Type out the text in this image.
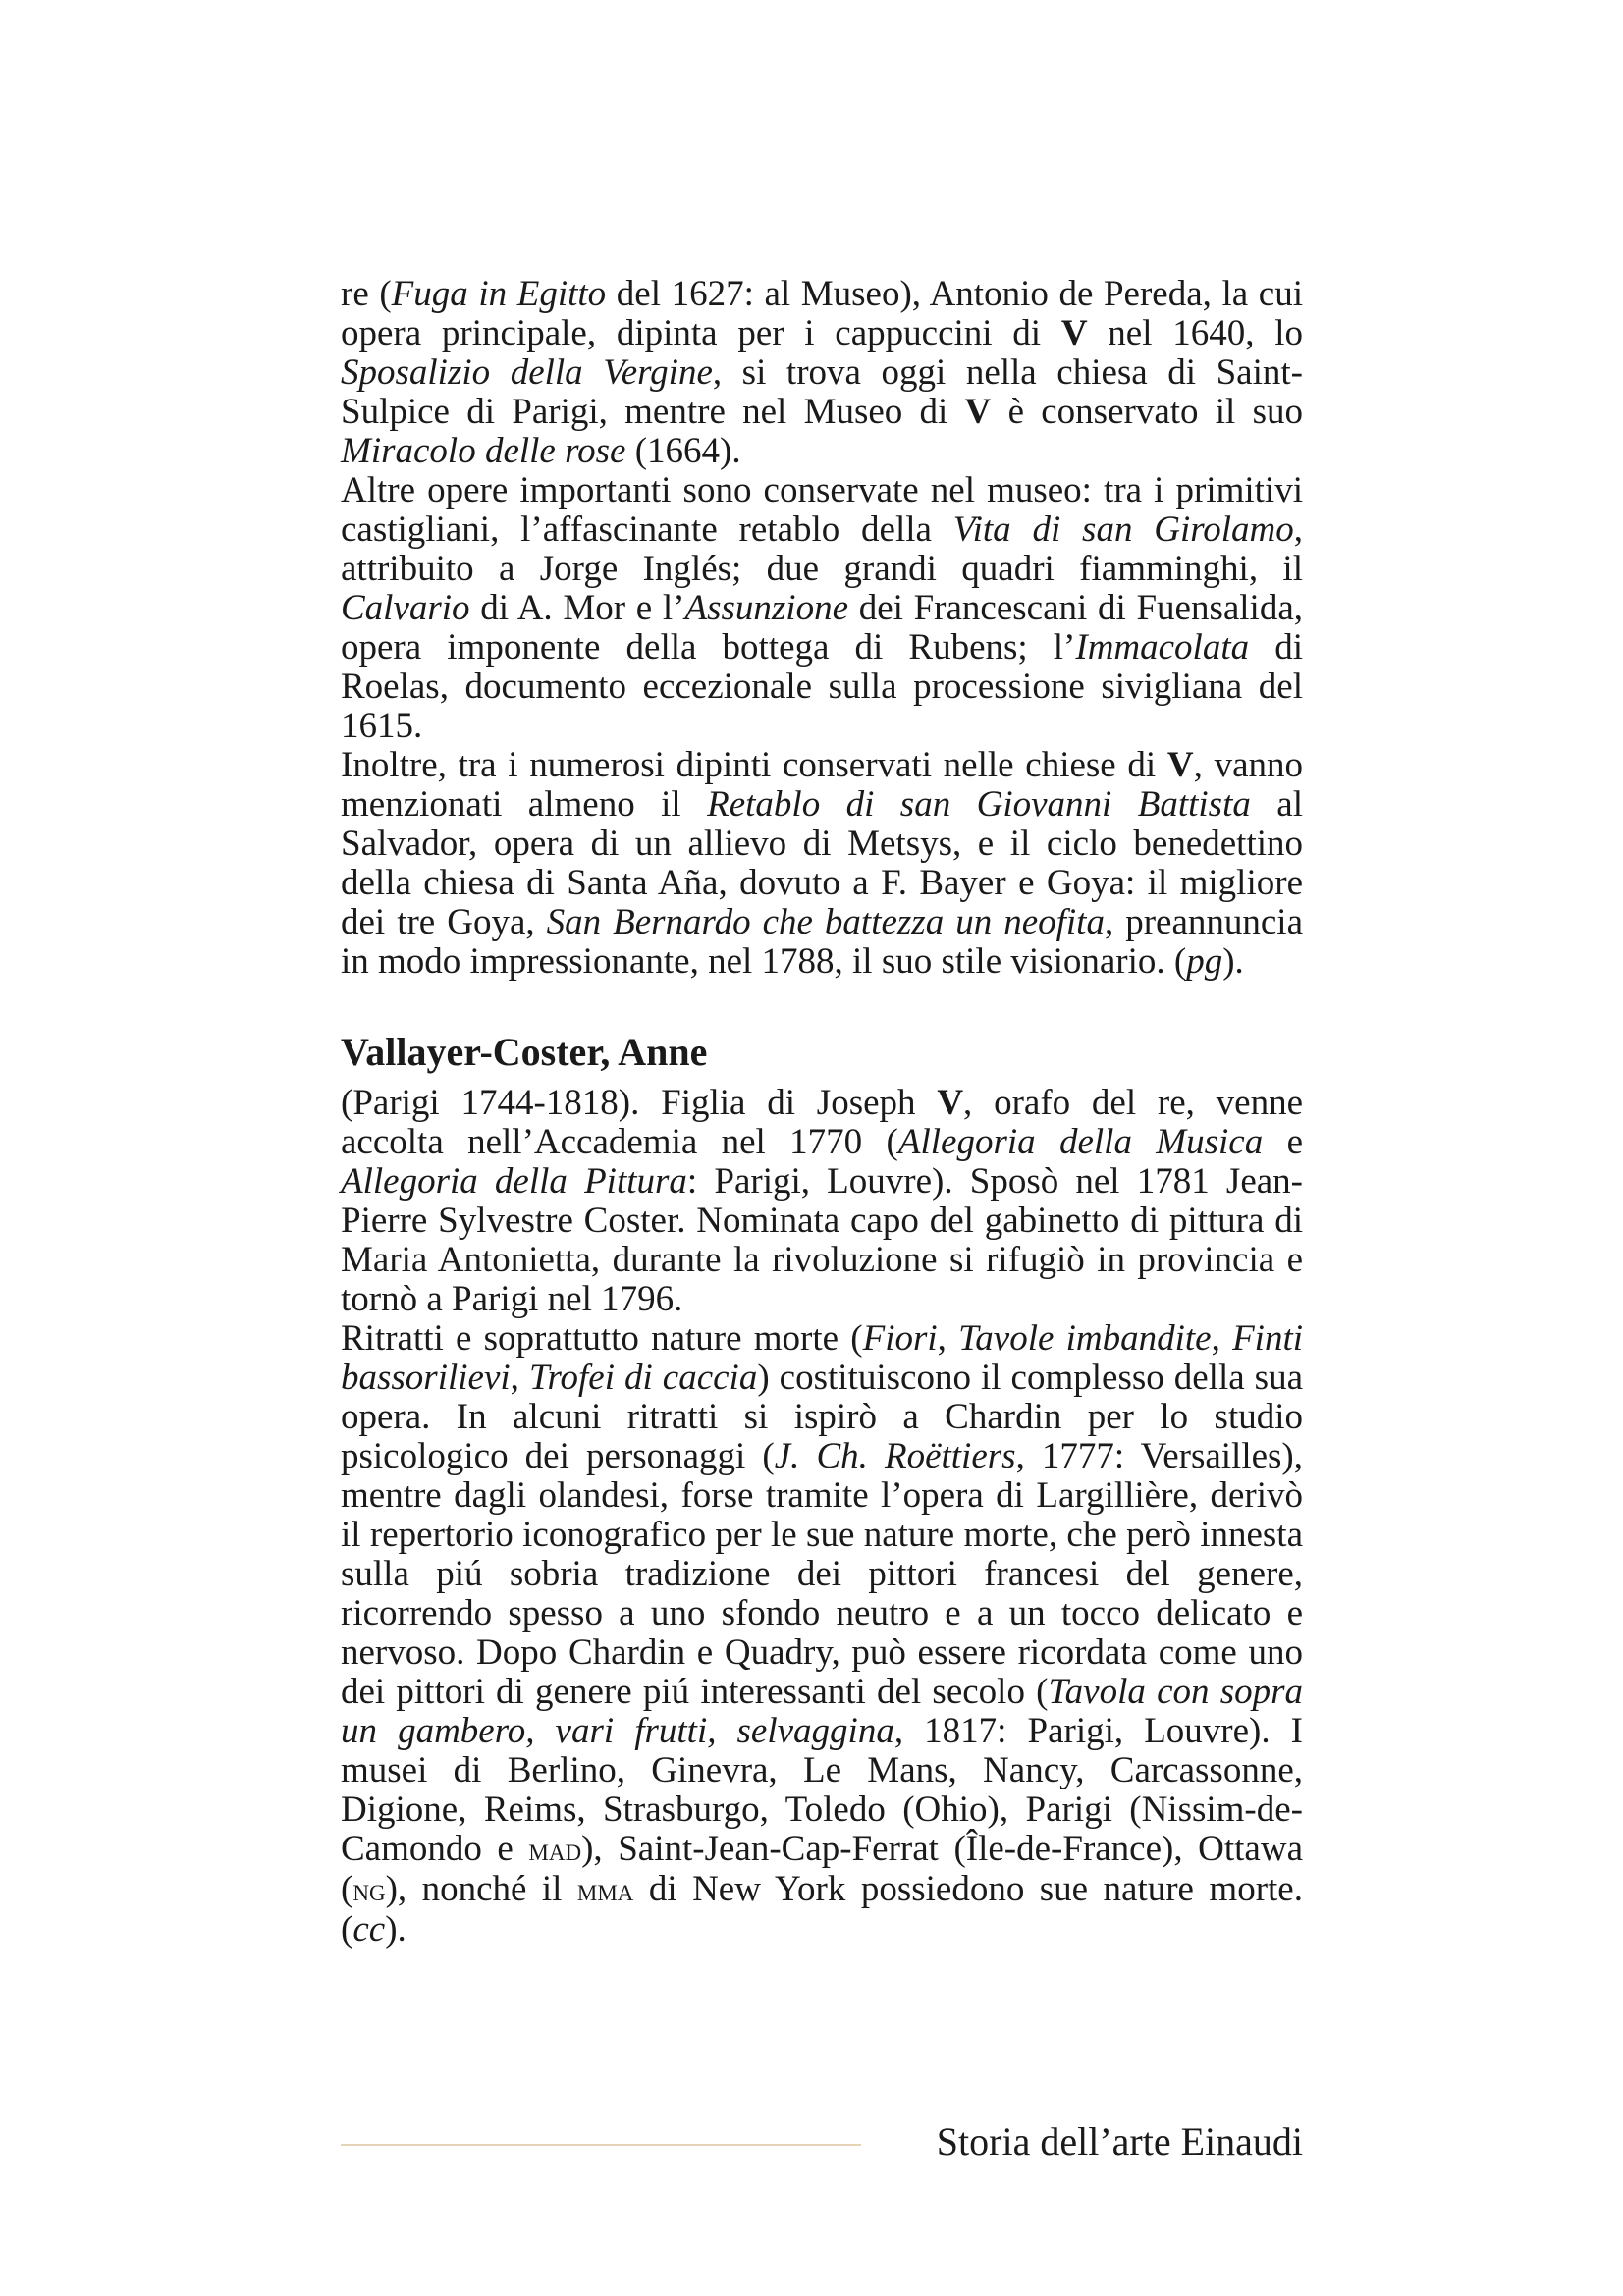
re (Fuga in Egitto del 1627: al Museo), Antonio de Pereda, la cui opera principale, dipinta per i cappuccini di V nel 1640, lo Sposalizio della Vergine, si trova oggi nella chiesa di Saint-Sulpice di Parigi, mentre nel Museo di V è conservato il suo Miracolo delle rose (1664).

Altre opere importanti sono conservate nel museo: tra i primitivi castigliani, l’affascinante retablo della Vita di san Girolamo, attribuito a Jorge Inglés; due grandi quadri fiamminghi, il Calvario di A. Mor e l’Assunzione dei Francescani di Fuensalida, opera imponente della bottega di Rubens; l’Immacolata di Roelas, documento eccezionale sulla processione sivigliana del 1615.

Inoltre, tra i numerosi dipinti conservati nelle chiese di V, vanno menzionati almeno il Retablo di san Giovanni Battista al Salvador, opera di un allievo di Metsys, e il ciclo benedettino della chiesa di Santa Aña, dovuto a F. Bayer e Goya: il migliore dei tre Goya, San Bernardo che battezza un neofita, preannuncia in modo impressionante, nel 1788, il suo stile visionario. (pg).

Vallayer-Coster, Anne

(Parigi 1744-1818). Figlia di Joseph V, orafo del re, venne accolta nell’Accademia nel 1770 (Allegoria della Musica e Allegoria della Pittura: Parigi, Louvre). Sposò nel 1781 Jean-Pierre Sylvestre Coster. Nominata capo del gabinetto di pittura di Maria Antonietta, durante la rivoluzione si rifugiò in provincia e tornò a Parigi nel 1796.

Ritratti e soprattutto nature morte (Fiori, Tavole imbandite, Finti bassorilievi, Trofei di caccia) costituiscono il complesso della sua opera. In alcuni ritratti si ispirò a Chardin per lo studio psicologico dei personaggi (J. Ch. Roëttiers, 1777: Versailles), mentre dagli olandesi, forse tramite l’opera di Largillière, derivò il repertorio iconografico per le sue nature morte, che però innesta sulla piú sobria tradizione dei pittori francesi del genere, ricorrendo spesso a uno sfondo neutro e a un tocco delicato e nervoso. Dopo Chardin e Quadry, può essere ricordata come uno dei pittori di genere piú interessanti del secolo (Tavola con sopra un gambero, vari frutti, selvaggina, 1817: Parigi, Louvre). I musei di Berlino, Ginevra, Le Mans, Nancy, Carcassonne, Digione, Reims, Strasburgo, Toledo (Ohio), Parigi (Nissim-de-Camondo e mad), Saint-Jean-Cap-Ferrat (Île-de-France), Ottawa (ng), nonché il mma di New York possiedono sue nature morte. (cc).

Storia dell’arte Einaudi
